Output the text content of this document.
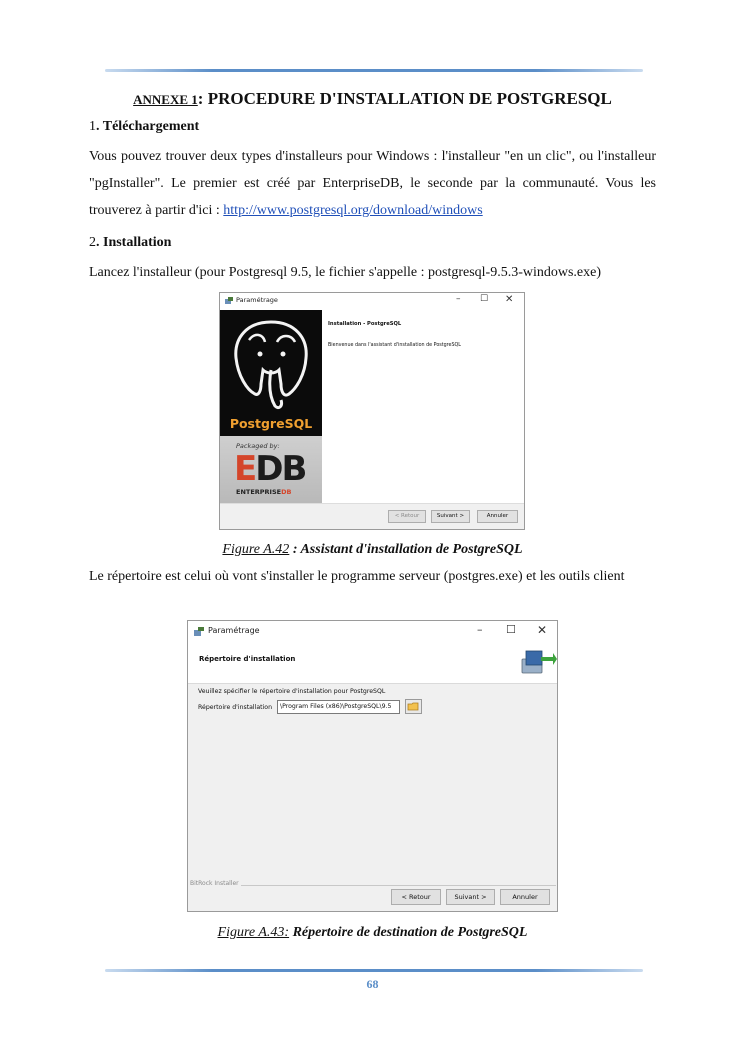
ANNEXE 1: PROCEDURE D'INSTALLATION DE POSTGRESQL
1. Téléchargement
Vous pouvez trouver deux types d'installeurs pour Windows : l'installeur "en un clic", ou l'installeur "pgInstaller". Le premier est créé par EnterpriseDB, le seconde par la communauté. Vous les trouverez à partir d'ici : http://www.postgresql.org/download/windows
2. Installation
Lancez l'installeur (pour Postgresql 9.5, le fichier s'appelle : postgresql-9.5.3-windows.exe)
Paramétrage	– ☐ ✕
PostgreSQL
Packaged by:
EDB
ENTERPRISEDB
Installation - PostgreSQL
Bienvenue dans l'assistant d'installation de PostgreSQL
< Retour	Suivant >	Annuler
Figure A.42 : Assistant d'installation de PostgreSQL
Le répertoire est celui où vont s'installer le programme serveur (postgres.exe) et les outils client
Paramétrage	– ☐ ✕
Répertoire d'installation
Veuillez spécifier le répertoire d'installation pour PostgreSQL
Répertoire d'installation	\Program Files (x86)\PostgreSQL\9.5
BitRock Installer
< Retour	Suivant >	Annuler
Figure A.43: Répertoire de destination de PostgreSQL
68
